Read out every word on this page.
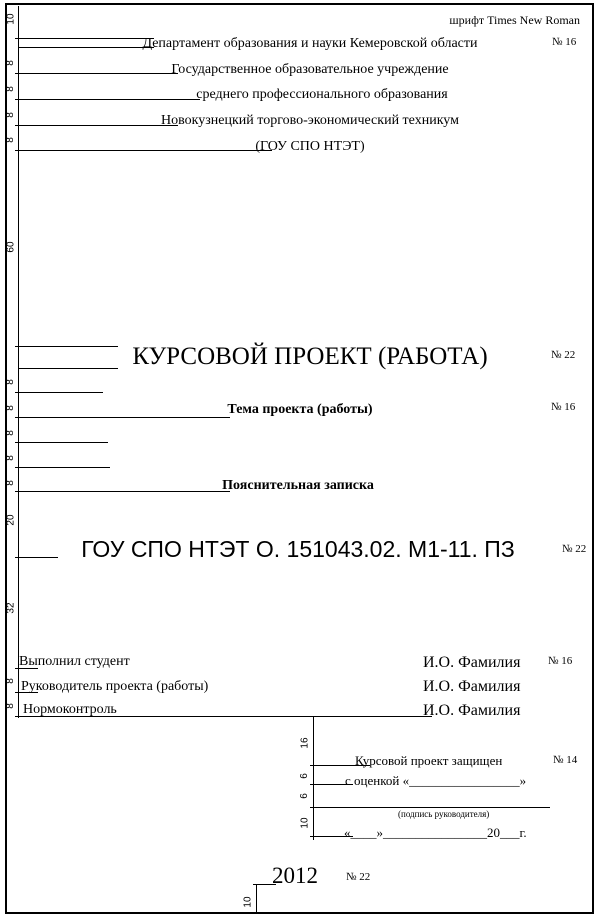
10
8
8
8
8
60
8
8
8
8
8
20
32
8
8
шрифт Times New Roman
Департамент образования и науки Кемеровской области	№ 16
Государственное образовательное учреждение
среднего профессионального образования
Новокузнецкий торгово-экономический техникум
(ГОУ СПО НТЭТ)
КУРСОВОЙ ПРОЕКТ (РАБОТА)	№ 22
Тема проекта (работы)	№ 16
Пояснительная записка
ГОУ СПО НТЭТ О. 151043.02. М1-11. ПЗ	№ 22
Выполнил студент	И.О. Фамилия	№ 16
Руководитель проекта (работы)	И.О. Фамилия
Нормоконтроль	И.О. Фамилия
16
6
6
10
Курсовой проект защищен	№ 14
с оценкой «_________________»
(подпись руководителя)
«____»________________20___г.
10
2012	№ 22
